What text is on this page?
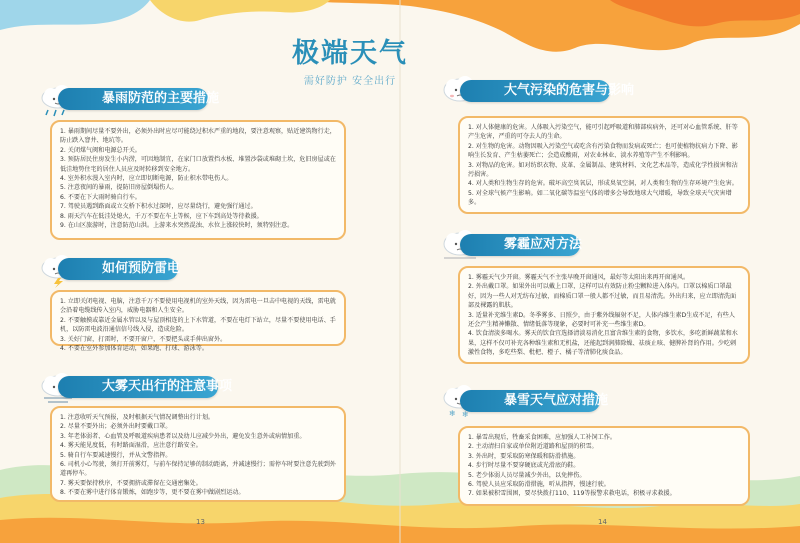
极端天气
需好防护 安全出行
暴雨防范的主要措施
1. 暴雨期间尽量不要外出，必须外出时应尽可能绕过积水严重的地段，要注意观察，贴近建筑物行走，防止跌入窨井、地坑等。
2. 关闭煤气阀和电源总开关。
3. 预防居民住房发生小内涝，可因地制宜，在家门口放置挡水板、堆置沙袋或堆砌土坎，危旧房屋或在低洼地势住宅的居住人员应及时转移到安全地方。
4. 室外积水漫入室内时，应立即切断电源，防止积水带电伤人。
5. 注意夜间的暴雨，提防旧房屋倒塌伤人。
6. 不要在下大雨时骑自行车。
7. 驾驶员遇到路面或立交桥下积水过深时，应尽量绕行，避免强行通过。
8. 雨天汽车在低洼处熄火，千万不要在车上等候，应下车到高处等待救援。
9. 在山区旅游时，注意防范山洪。上游来水突然混浊、水位上涨较快时，须特别注意。
如何预防雷电
1. 立即关闭电视、电脑，注意千万不要使用电视机的室外天线，因为雷电一旦击中电视的天线，雷电就会沿着电缆线传入室内，威胁电器和人生安全。
2. 不要触摸或靠近金属水管以及与屋顶相连的上下水管道，不要在电灯下站立，尽量不要使用电话、手机，以防雷电波沿通信信号线入侵，造成危险。
3. 关好门窗，打雷时，不要开窗户，不要把头或手伸出窗外。
4. 不要在室外参加体育运动，如果跑、打球、游泳等。
大雾天出行的注意事项
1. 注意收听天气预报，及时根据天气情况调整出行计划。
2. 尽量不要外出；必须外出时要戴口罩。
3. 年老体弱者、心血管及呼吸道疾病患者以及幼儿应减少外出，避免发生意外或病情加重。
4. 雾天能见度低，有时路面湿滑，应注意行路安全。
5. 骑自行车要减速慢行，并从文警指挥。
6. 司机小心驾驶，须打开前雾灯，与前车保持足够的制动距离，并减速慢行；需停车时要注意先驶到外道再停车。
7. 雾天要保持秩序，不要拥挤或滞留在交通密集处。
8. 不要在雾中进行体育锻炼，如跑步等，更不要在雾中做剧烈运动。
13
大气污染的危害与影响
1. 对人体健康的危害。人体吸入污染空气，能可引起呼吸道和肺部疾病外，还可对心血管系统、肝等产生危害，严重的可夺去人的生命。
2. 对生物的危害。动物因吸入污染空气或吃含有污染食物而发病或死亡；也可使植物抗病力下降、影响生长发育、产生枯萎死亡；会造成酸雨，对农业林业、淡水养殖等产生不利影响。
3. 对物品的危害。如对纺织衣物、皮革、金属制品、建筑材料、文化艺术品等，造成化学性损害和沾污损害。
4. 对人类和生物生存的危害。破坏高空臭氧层，形成臭氧空洞，对人类和生物的生存环境产生危害。
5. 对全球气候产生影响。如二氧化碳等温室气体的增多会导致地球大气增暖，导致全球天气灾害增多。
雾霾应对方法
1. 雾霾天气少开窗。雾霾天气不主张早晚开窗通风，最好等太阳出来再开窗通风。
2. 外出戴口罩。如果外出可以戴上口罩，这样可以有效防止粉尘颗粒进入体内。口罩以棉质口罩最好，因为一些人对无纺布过敏，而棉质口罩一般人都不过敏，而且易清洗。外出归来，应立即清洗面部及裸露的肌肤。
3. 适量补充维生素D。冬季雾多、日照少，由于紫外线辐射不足，人体内维生素D生成不足，有些人还会产生精神懒散、情绪低落等现象，必要时可补充一些维生素D。
4. 饮食清淡多喝水。雾天的饮食宜选择清淡易消化且富含维生素的食物，多饮水，多吃新鲜蔬菜和水果，这样不仅可补充各种维生素和无机盐，还能起到润肺除燥、祛痰止咳、健脾补肾的作用。少吃刺激性食物，多吃些梨、枇杷、橙子、橘子等清肺化痰食品。
❄ ❄
暴雪天气应对措施
1. 暴雪出现后，牲畜采食困难，应加强人工补饲工作。
2. 主动清扫自家或单位附近道路和屋顶的积雪。
3. 外出时，要采取防寒保暖和防滑措施。
4. 步行时尽量不要穿硬底或光滑底的鞋。
5. 老少体弱人员尽量减少外出，以免摔伤。
6. 驾驶人员应采取防滑措施，听从指挥，慢速行驶。
7. 如果被积雪围困，要尽快拨打110、119等报警求救电话，积极寻求救援。
14
